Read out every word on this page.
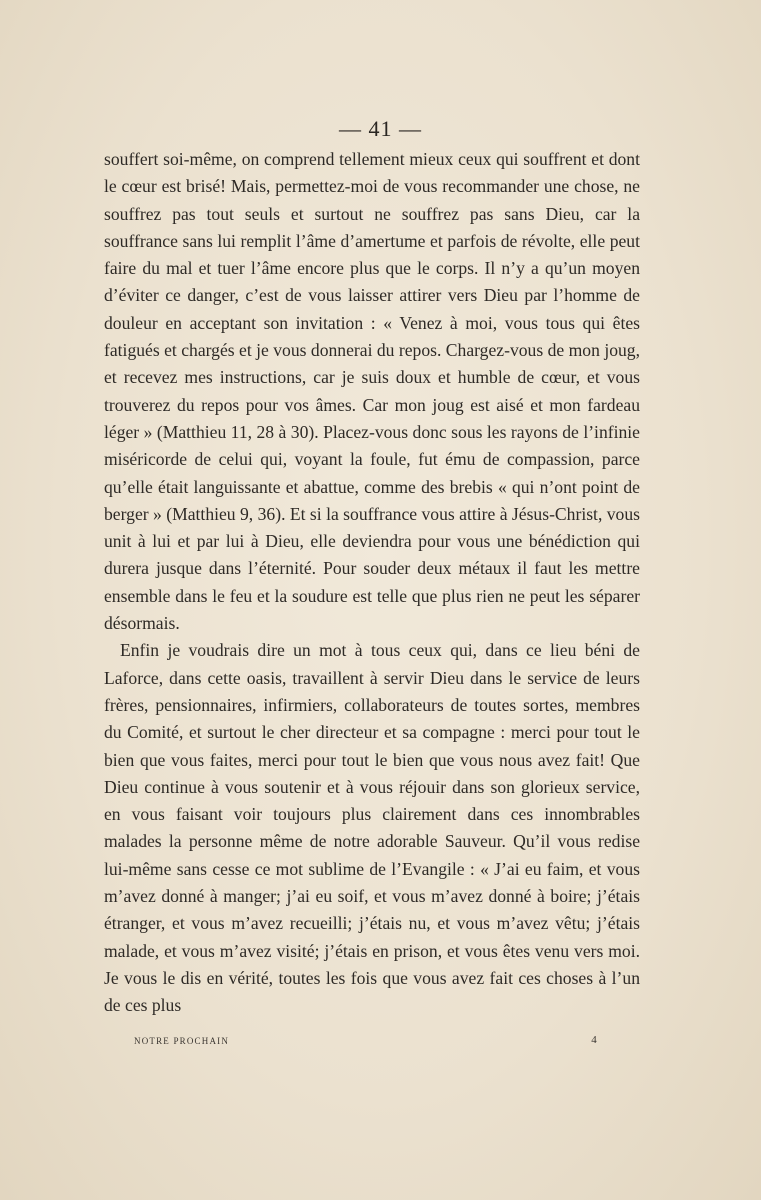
— 41 —

souffert soi-même, on comprend tellement mieux ceux qui souffrent et dont le cœur est brisé! Mais, permettez-moi de vous recommander une chose, ne souffrez pas tout seuls et surtout ne souffrez pas sans Dieu, car la souffrance sans lui remplit l’âme d’amertume et parfois de révolte, elle peut faire du mal et tuer l’âme encore plus que le corps. Il n’y a qu’un moyen d’éviter ce danger, c’est de vous laisser attirer vers Dieu par l’homme de douleur en acceptant son invitation : « Venez à moi, vous tous qui êtes fatigués et chargés et je vous donnerai du repos. Chargez-vous de mon joug, et recevez mes instructions, car je suis doux et humble de cœur, et vous trouverez du repos pour vos âmes. Car mon joug est aisé et mon fardeau léger » (Matthieu 11, 28 à 30). Placez-vous donc sous les rayons de l’infinie miséricorde de celui qui, voyant la foule, fut ému de compassion, parce qu’elle était languissante et abattue, comme des brebis « qui n’ont point de berger » (Matthieu 9, 36). Et si la souffrance vous attire à Jésus-Christ, vous unit à lui et par lui à Dieu, elle deviendra pour vous une bénédiction qui durera jusque dans l’éternité. Pour souder deux métaux il faut les mettre ensemble dans le feu et la soudure est telle que plus rien ne peut les séparer désormais.

Enfin je voudrais dire un mot à tous ceux qui, dans ce lieu béni de Laforce, dans cette oasis, travaillent à servir Dieu dans le service de leurs frères, pensionnaires, infirmiers, collaborateurs de toutes sortes, membres du Comité, et surtout le cher directeur et sa compagne : merci pour tout le bien que vous faites, merci pour tout le bien que vous nous avez fait! Que Dieu continue à vous soutenir et à vous réjouir dans son glorieux service, en vous faisant voir toujours plus clairement dans ces innombrables malades la personne même de notre adorable Sauveur. Qu’il vous redise lui-même sans cesse ce mot sublime de l’Evangile : « J’ai eu faim, et vous m’avez donné à manger; j’ai eu soif, et vous m’avez donné à boire; j’étais étranger, et vous m’avez recueilli; j’étais nu, et vous m’avez vêtu; j’étais malade, et vous m’avez visité; j’étais en prison, et vous êtes venu vers moi. Je vous le dis en vérité, toutes les fois que vous avez fait ces choses à l’un de ces plus

NOTRE PROCHAIN	4
